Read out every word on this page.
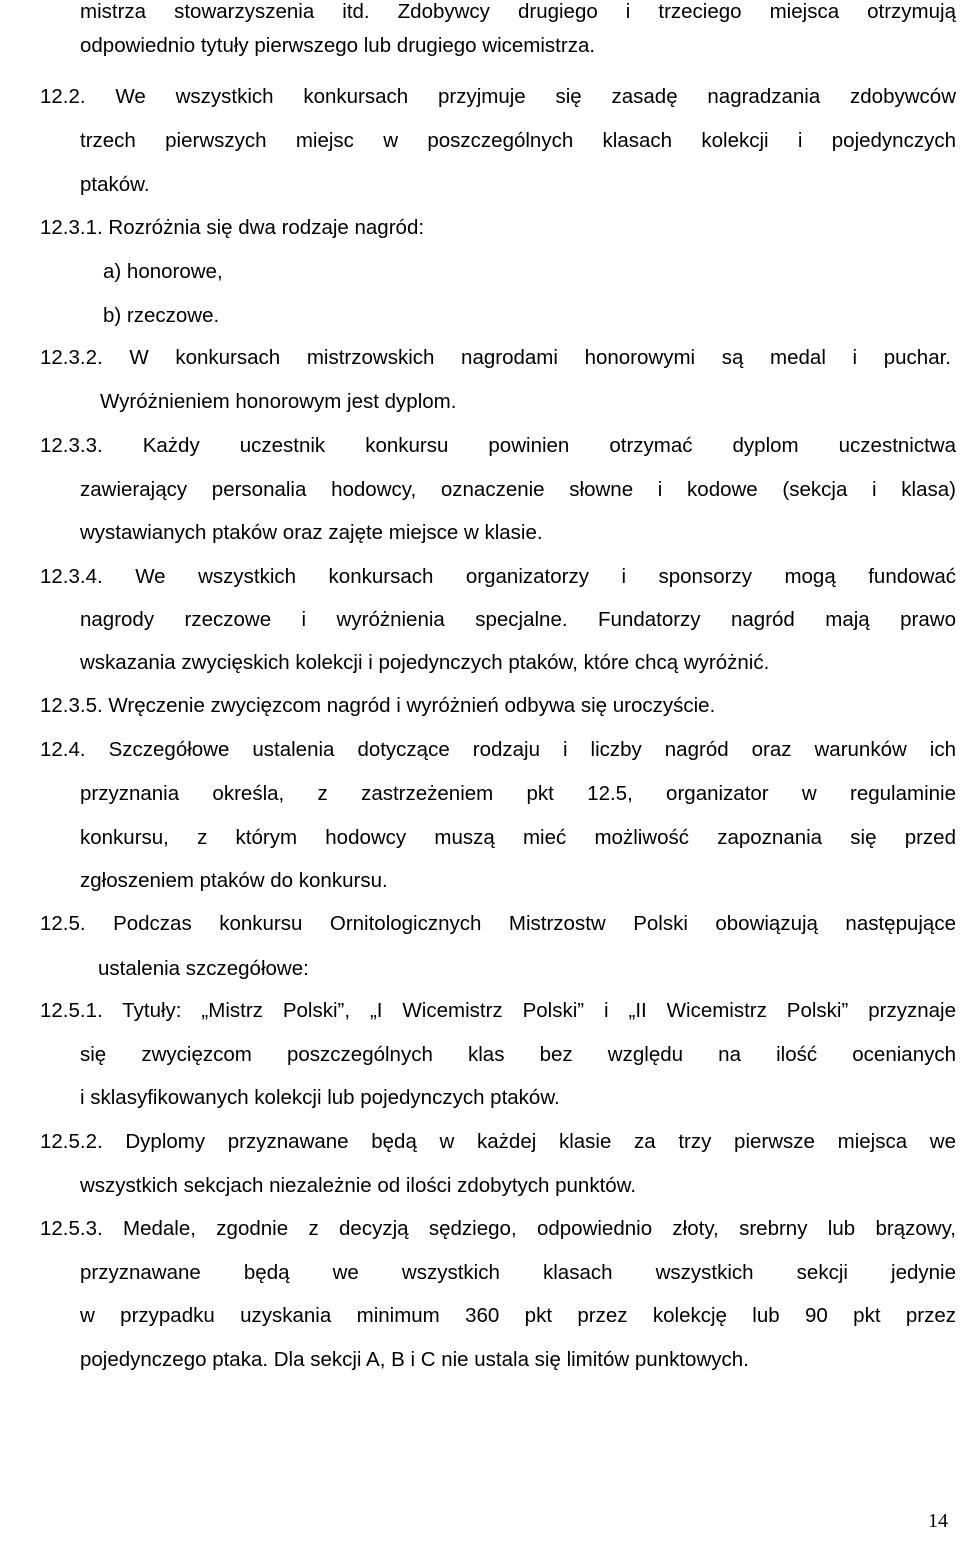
mistrza stowarzyszenia itd. Zdobywcy drugiego i trzeciego miejsca otrzymują
odpowiednio tytuły pierwszego lub drugiego wicemistrza.
12.2. We wszystkich konkursach przyjmuje się zasadę nagradzania zdobywców
trzech pierwszych miejsc w poszczególnych klasach kolekcji i pojedynczych
ptaków.
12.3.1. Rozróżnia się dwa rodzaje nagród:
a) honorowe,
b) rzeczowe.
12.3.2. W konkursach mistrzowskich nagrodami honorowymi są medal i puchar.
Wyróżnieniem honorowym jest dyplom.
12.3.3. Każdy uczestnik konkursu powinien otrzymać dyplom uczestnictwa
zawierający personalia hodowcy, oznaczenie słowne i kodowe (sekcja i klasa)
wystawianych ptaków oraz zajęte miejsce w klasie.
12.3.4. We wszystkich konkursach organizatorzy i sponsorzy mogą fundować
nagrody rzeczowe i wyróżnienia specjalne. Fundatorzy nagród mają prawo
wskazania zwycięskich kolekcji i pojedynczych ptaków, które chcą wyróżnić.
12.3.5. Wręczenie zwycięzcom nagród i wyróżnień odbywa się uroczyście.
12.4. Szczegółowe ustalenia dotyczące rodzaju i liczby nagród oraz warunków ich
przyznania określa, z zastrzeżeniem pkt 12.5, organizator w regulaminie
konkursu, z którym hodowcy muszą mieć możliwość zapoznania się przed
zgłoszeniem ptaków do konkursu.
12.5. Podczas konkursu Ornitologicznych Mistrzostw Polski obowiązują następujące
ustalenia szczegółowe:
12.5.1. Tytuły: „Mistrz Polski”, „I Wicemistrz Polski” i „II Wicemistrz Polski” przyznaje
się zwycięzcom poszczególnych klas bez względu na ilość ocenianych
i sklasyfikowanych kolekcji lub pojedynczych ptaków.
12.5.2. Dyplomy przyznawane będą w każdej klasie za trzy pierwsze miejsca we
wszystkich sekcjach niezależnie od ilości zdobytych punktów.
12.5.3. Medale, zgodnie z decyzją sędziego, odpowiednio złoty, srebrny lub brązowy,
przyznawane będą we wszystkich klasach wszystkich sekcji jedynie
w przypadku uzyskania minimum 360 pkt przez kolekcję lub 90 pkt przez
pojedynczego ptaka. Dla sekcji A, B i C nie ustala się limitów punktowych.
14
